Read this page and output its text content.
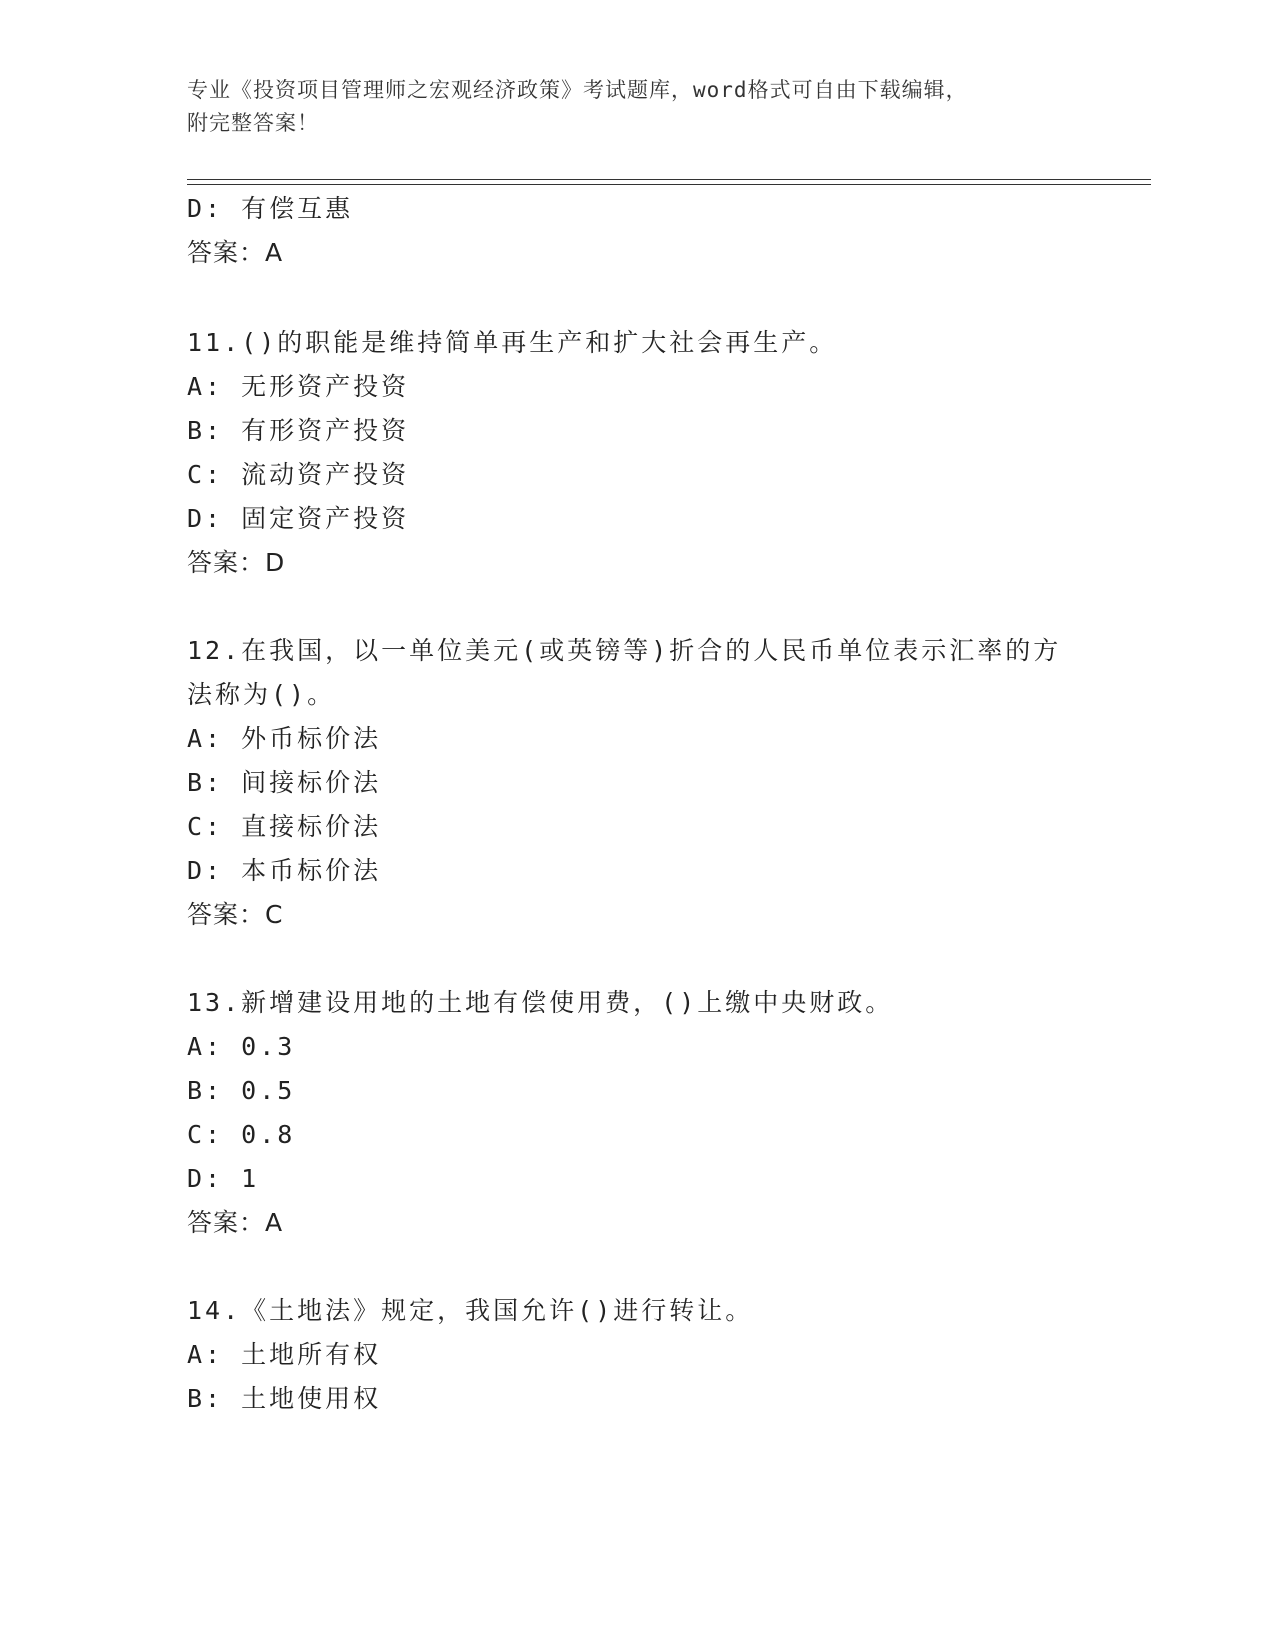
专业《投资项目管理师之宏观经济政策》考试题库，word格式可自由下载编辑，
附完整答案！
D: 有偿互惠
答案：A
11.()的职能是维持简单再生产和扩大社会再生产。
A: 无形资产投资
B: 有形资产投资
C: 流动资产投资
D: 固定资产投资
答案：D
12.在我国，以一单位美元(或英镑等)折合的人民币单位表示汇率的方
法称为()。
A: 外币标价法
B: 间接标价法
C: 直接标价法
D: 本币标价法
答案：C
13.新增建设用地的土地有偿使用费，()上缴中央财政。
A: 0.3
B: 0.5
C: 0.8
D: 1
答案：A
14.《土地法》规定，我国允许()进行转让。
A: 土地所有权
B: 土地使用权
